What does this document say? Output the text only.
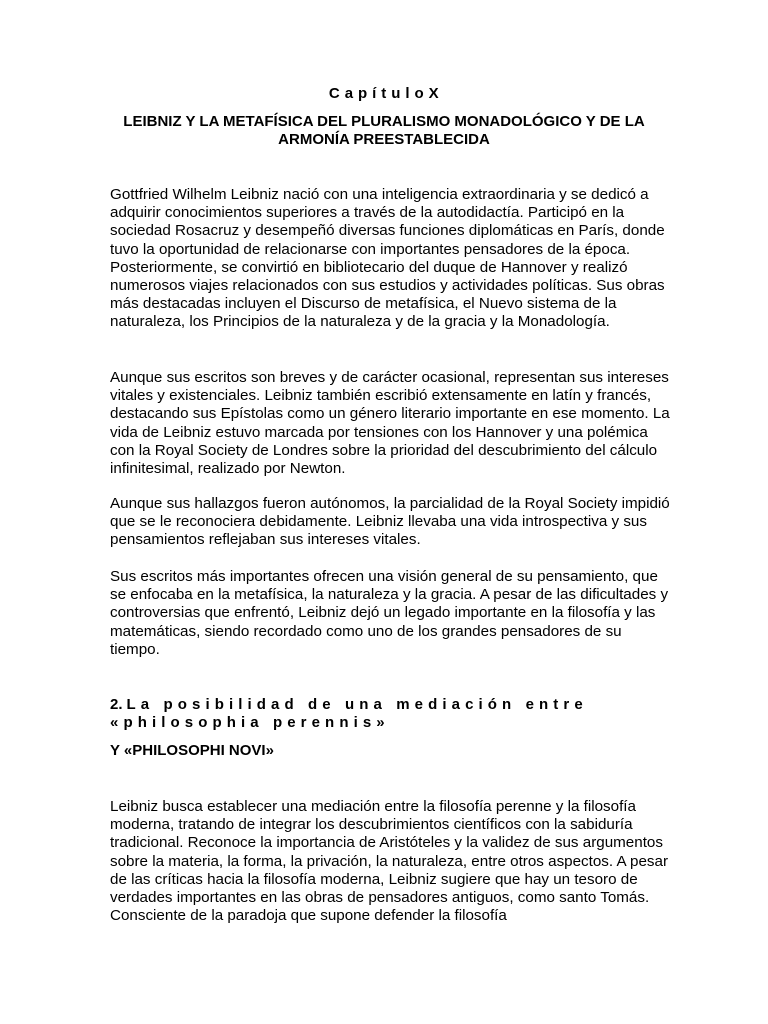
C a p í t u l o X
LEIBNIZ Y LA METAFÍSICA DEL PLURALISMO MONADOLÓGICO Y DE LA ARMONÍA PREESTABLECIDA

Gottfried Wilhelm Leibniz nació con una inteligencia extraordinaria y se dedicó a adquirir conocimientos superiores a través de la autodidactía. Participó en la sociedad Rosacruz y desempeñó diversas funciones diplomáticas en París, donde tuvo la oportunidad de relacionarse con importantes pensadores de la época. Posteriormente, se convirtió en bibliotecario del duque de Hannover y realizó numerosos viajes relacionados con sus estudios y actividades políticas. Sus obras más destacadas incluyen el Discurso de metafísica, el Nuevo sistema de la naturaleza, los Principios de la naturaleza y de la gracia y la Monadología.

Aunque sus escritos son breves y de carácter ocasional, representan sus intereses vitales y existenciales. Leibniz también escribió extensamente en latín y francés, destacando sus Epístolas como un género literario importante en ese momento. La vida de Leibniz estuvo marcada por tensiones con los Hannover y una polémica con la Royal Society de Londres sobre la prioridad del descubrimiento del cálculo infinitesimal, realizado por Newton.

Aunque sus hallazgos fueron autónomos, la parcialidad de la Royal Society impidió que se le reconociera debidamente. Leibniz llevaba una vida introspectiva y sus pensamientos reflejaban sus intereses vitales.

Sus escritos más importantes ofrecen una visión general de su pensamiento, que se enfocaba en la metafísica, la naturaleza y la gracia. A pesar de las dificultades y controversias que enfrentó, Leibniz dejó un legado importante en la filosofía y las matemáticas, siendo recordado como uno de los grandes pensadores de su tiempo.

2. La posibilidad de una mediación entre «philosophia perennis»
Y «PHILOSOPHI NOVI»

Leibniz busca establecer una mediación entre la filosofía perenne y la filosofía moderna, tratando de integrar los descubrimientos científicos con la sabiduría tradicional. Reconoce la importancia de Aristóteles y la validez de sus argumentos sobre la materia, la forma, la privación, la naturaleza, entre otros aspectos. A pesar de las críticas hacia la filosofía moderna, Leibniz sugiere que hay un tesoro de verdades importantes en las obras de pensadores antiguos, como santo Tomás. Consciente de la paradoja que supone defender la filosofía
